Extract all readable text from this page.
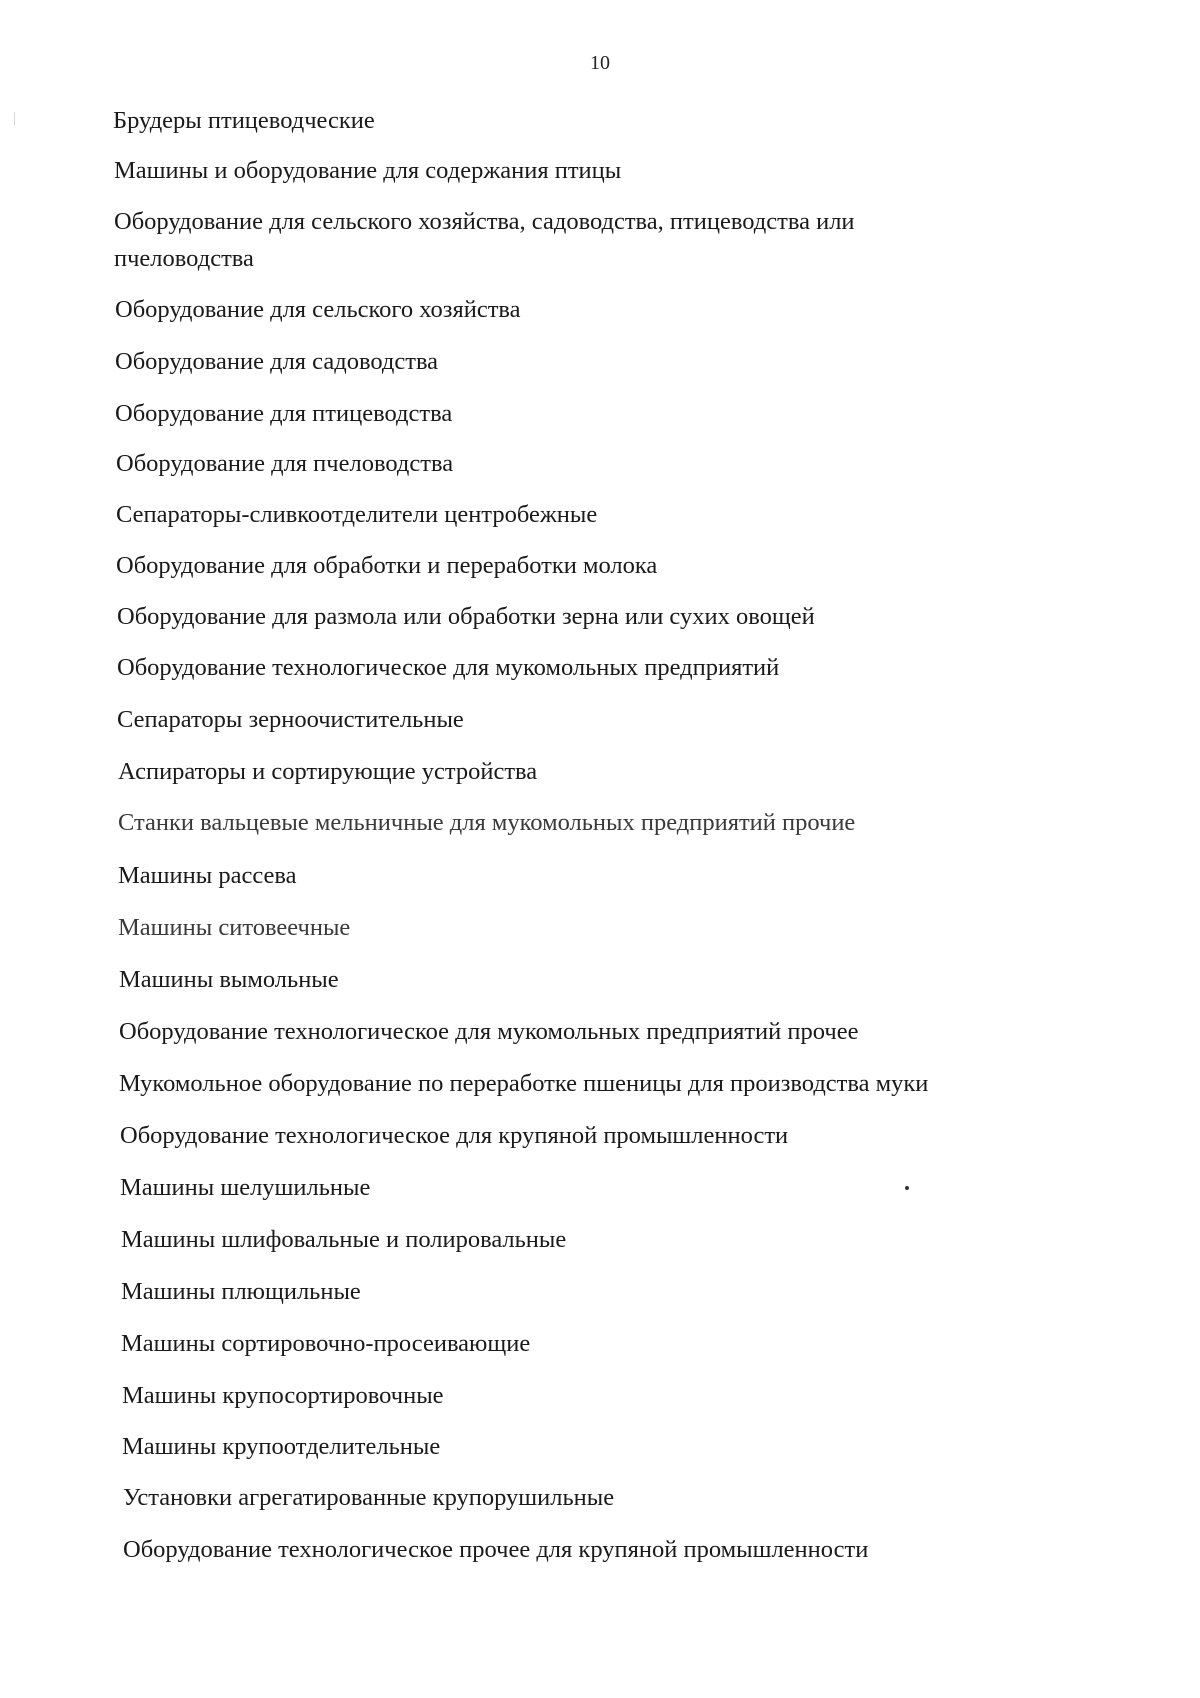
10
Брудеры птицеводческие
Машины и оборудование для содержания птицы
Оборудование для сельского хозяйства, садоводства, птицеводства или пчеловодства
Оборудование для сельского хозяйства
Оборудование для садоводства
Оборудование для птицеводства
Оборудование для пчеловодства
Сепараторы-сливкоотделители центробежные
Оборудование для обработки и переработки молока
Оборудование для размола или обработки зерна или сухих овощей
Оборудование технологическое для мукомольных предприятий
Сепараторы зерноочистительные
Аспираторы и сортирующие устройства
Станки вальцевые мельничные для мукомольных предприятий прочие
Машины рассева
Машины ситовеечные
Машины вымольные
Оборудование технологическое для мукомольных предприятий прочее
Мукомольное оборудование по переработке пшеницы для производства муки
Оборудование технологическое для крупяной промышленности
Машины шелушильные
Машины шлифовальные и полировальные
Машины плющильные
Машины сортировочно-просеивающие
Машины крупосортировочные
Машины крупоотделительные
Установки агрегатированные крупорушильные
Оборудование технологическое прочее для крупяной промышленности
